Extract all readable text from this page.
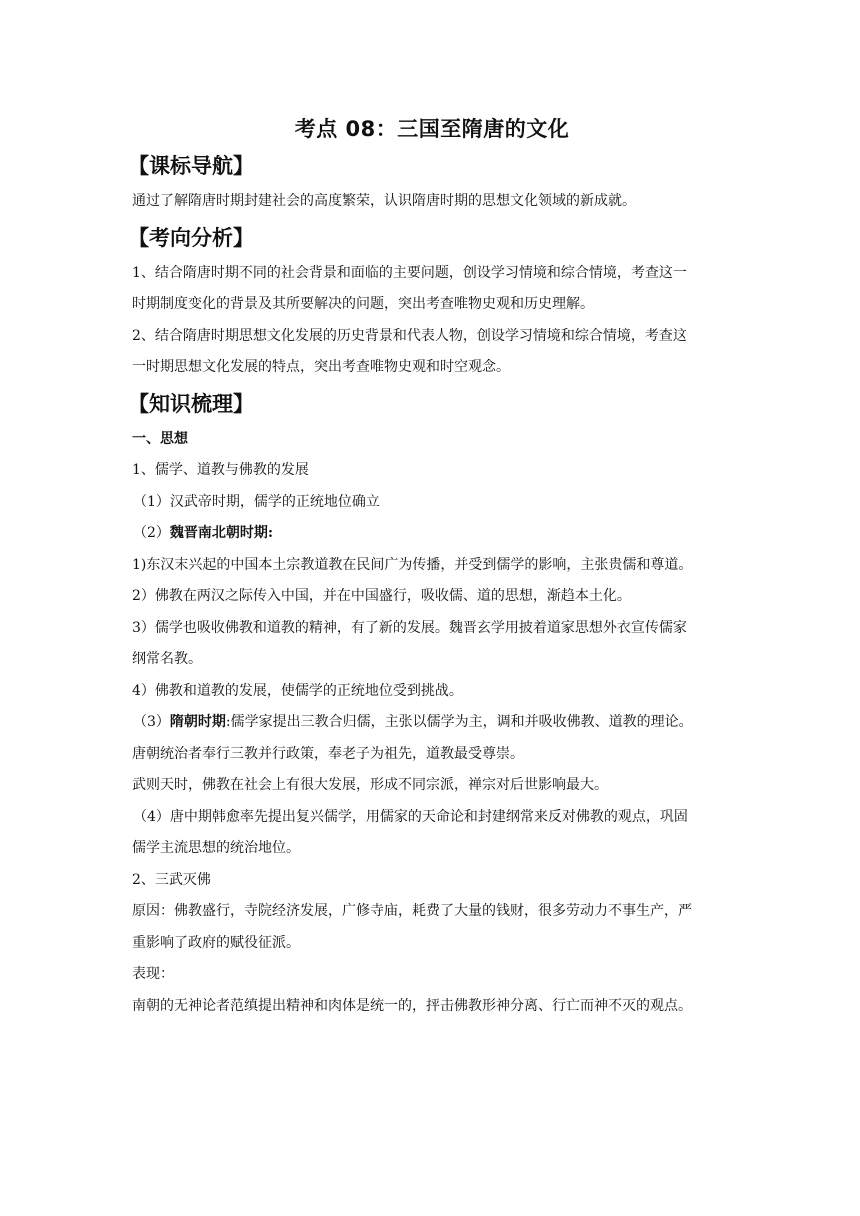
考点 08：三国至隋唐的文化
【课标导航】

通过了解隋唐时期封建社会的高度繁荣，认识隋唐时期的思想文化领域的新成就。

【考向分析】

1、结合隋唐时期不同的社会背景和面临的主要问题，创设学习情境和综合情境，考查这一

时期制度变化的背景及其所要解决的问题，突出考查唯物史观和历史理解。

2、结合隋唐时期思想文化发展的历史背景和代表人物，创设学习情境和综合情境，考查这

一时期思想文化发展的特点，突出考查唯物史观和时空观念。

【知识梳理】

一、思想

1、儒学、道教与佛教的发展

（1）汉武帝时期，儒学的正统地位确立

（2）魏晋南北朝时期:

1)东汉末兴起的中国本土宗教道教在民间广为传播，并受到儒学的影响，主张贵儒和尊道。

2）佛教在两汉之际传入中国，并在中国盛行，吸收儒、道的思想，渐趋本土化。

3）儒学也吸收佛教和道教的精神，有了新的发展。魏晋玄学用披着道家思想外衣宣传儒家

纲常名教。

4）佛教和道教的发展，使儒学的正统地位受到挑战。

（3）隋朝时期:儒学家提出三教合归儒，主张以儒学为主，调和并吸收佛教、道教的理论。

唐朝统治者奉行三教并行政策，奉老子为祖先，道教最受尊崇。

武则天时，佛教在社会上有很大发展，形成不同宗派，禅宗对后世影响最大。

（4）唐中期韩愈率先提出复兴儒学，用儒家的天命论和封建纲常来反对佛教的观点，巩固

儒学主流思想的统治地位。

2、三武灭佛

原因：佛教盛行，寺院经济发展，广修寺庙，耗费了大量的钱财，很多劳动力不事生产，严

重影响了政府的赋役征派。

表现：

南朝的无神论者范缜提出精神和肉体是统一的，抨击佛教形神分离、行亡而神不灭的观点。
